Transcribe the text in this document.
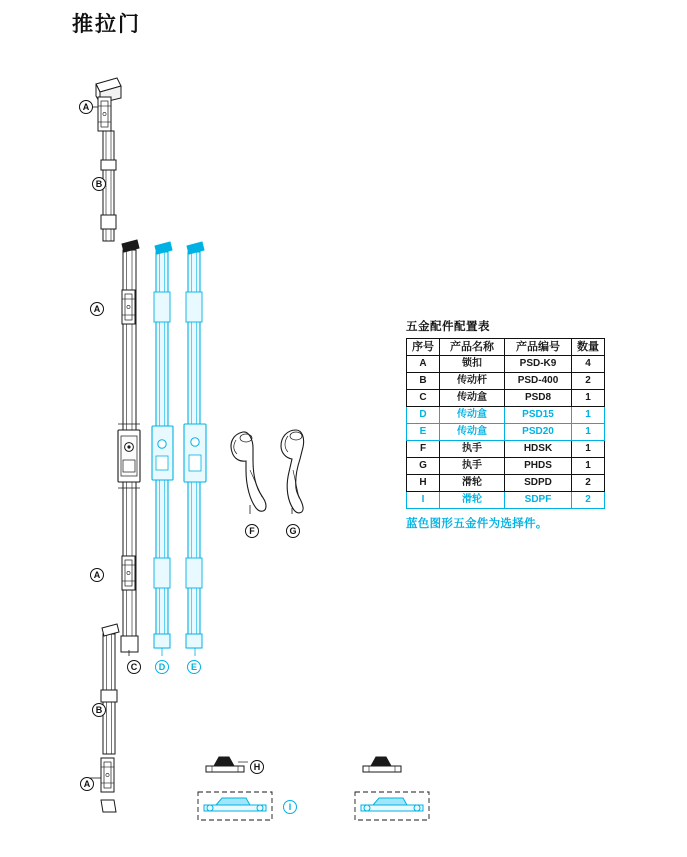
推拉门
A
B
A
A
C	D	E
B
A
F	G
H
I
五金配件配置表
序号	产品名称	产品编号	数量
A	锁扣	PSD-K9	4
B	传动杆	PSD-400	2
C	传动盒	PSD8	1
D	传动盒	PSD15	1
E	传动盒	PSD20	1
F	执手	HDSK	1
G	执手	PHDS	1
H	滑轮	SDPD	2
I	滑轮	SDPF	2
蓝色图形五金件为选择件。
